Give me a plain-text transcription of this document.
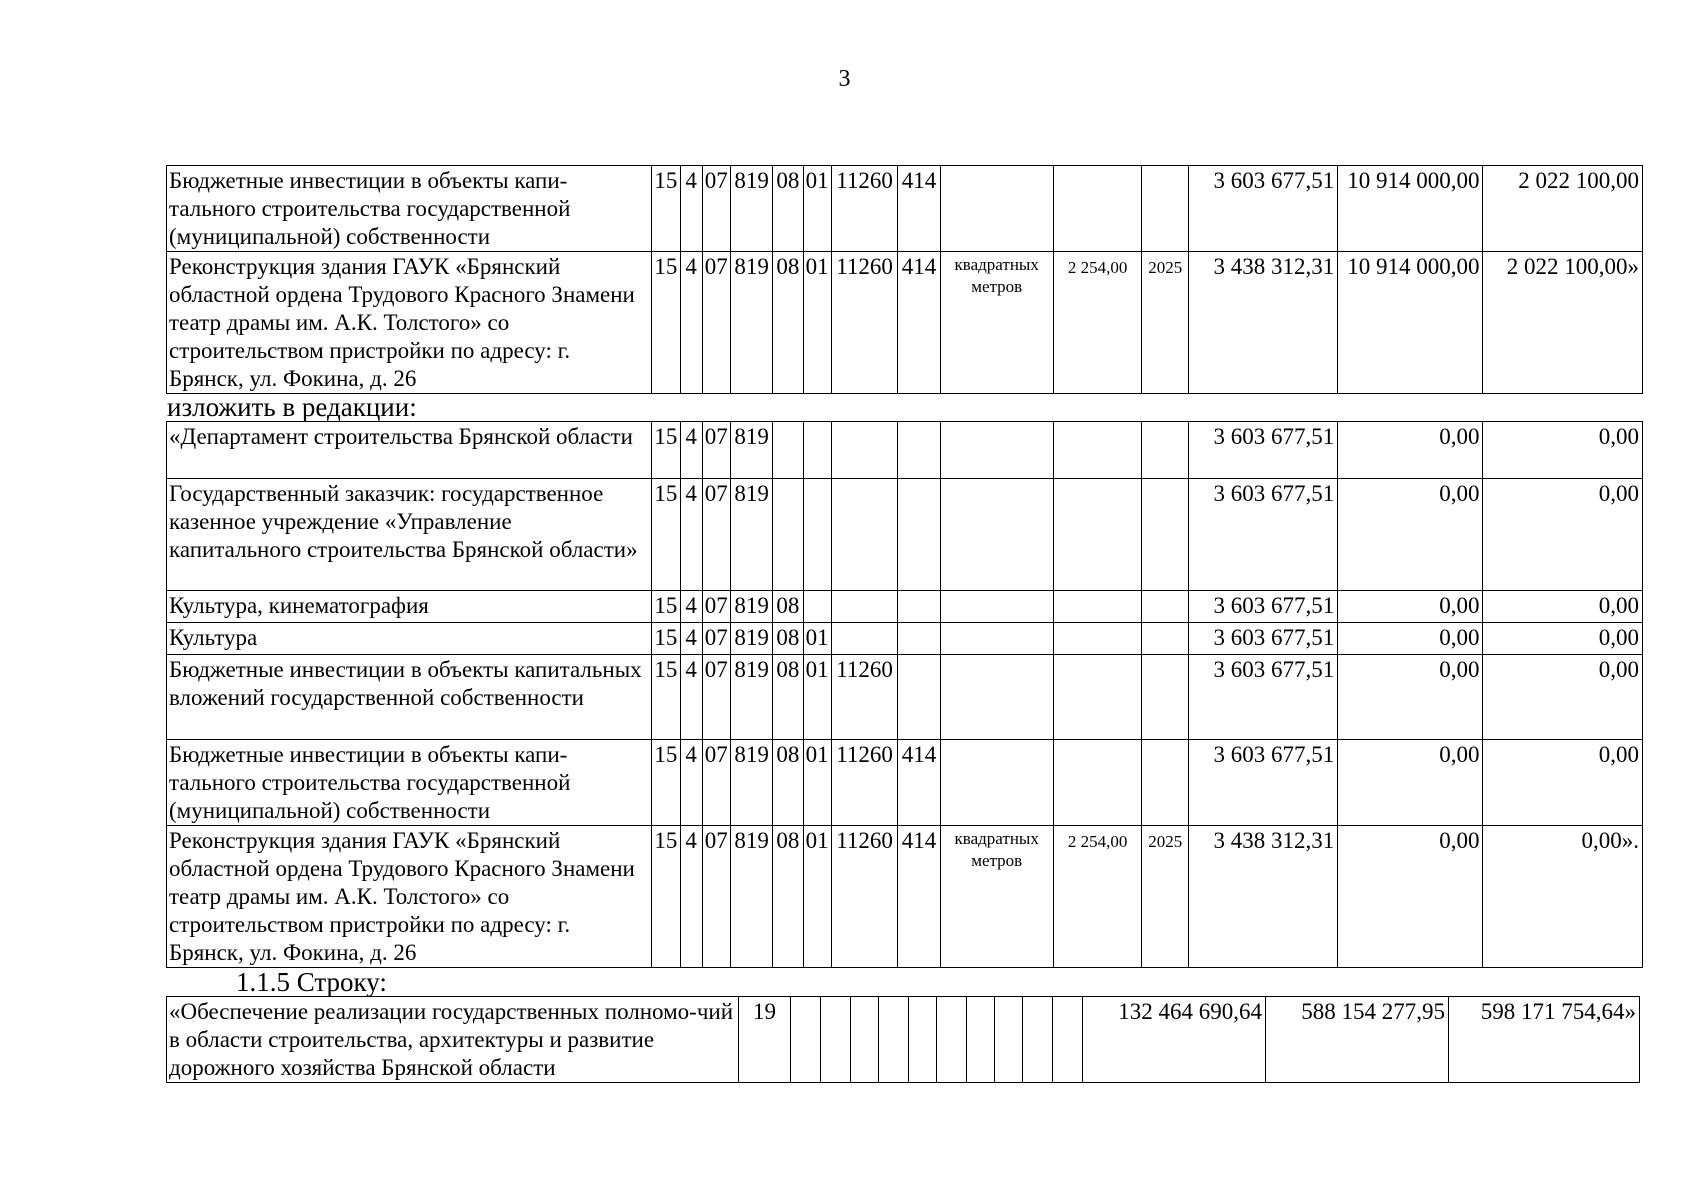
3
Бюджетные инвестиции в объекты капи-тального строительства государственной (муниципальной) собственности	15	4	07	819	08	01	11260	414				3 603 677,51	10 914 000,00	2 022 100,00
Реконструкция здания ГАУК «Брянский областной ордена Трудового Красного Знамени театр драмы им. А.К. Толстого» со строительством пристройки по адресу: г. Брянск, ул. Фокина, д. 26	15	4	07	819	08	01	11260	414	квадратных метров	2 254,00	2025	3 438 312,31	10 914 000,00	2 022 100,00»
изложить в редакции:
«Департамент строительства Брянской области	15	4	07	819								3 603 677,51	0,00	0,00
Государственный заказчик: государственное казенное учреждение «Управление капитального строительства Брянской области»	15	4	07	819								3 603 677,51	0,00	0,00
Культура, кинематография	15	4	07	819	08							3 603 677,51	0,00	0,00
Культура	15	4	07	819	08	01						3 603 677,51	0,00	0,00
Бюджетные инвестиции в объекты капитальных вложений государственной собственности	15	4	07	819	08	01	11260					3 603 677,51	0,00	0,00
Бюджетные инвестиции в объекты капи-тального строительства государственной (муниципальной) собственности	15	4	07	819	08	01	11260	414				3 603 677,51	0,00	0,00
Реконструкция здания ГАУК «Брянский областной ордена Трудового Красного Знамени театр драмы им. А.К. Толстого» со строительством пристройки по адресу: г. Брянск, ул. Фокина, д. 26	15	4	07	819	08	01	11260	414	квадратных метров	2 254,00	2025	3 438 312,31	0,00	0,00».
1.1.5 Строку:
«Обеспечение реализации государственных полномо-чий в области строительства, архитектуры и развитие дорожного хозяйства Брянской области	19											132 464 690,64	588 154 277,95	598 171 754,64»
